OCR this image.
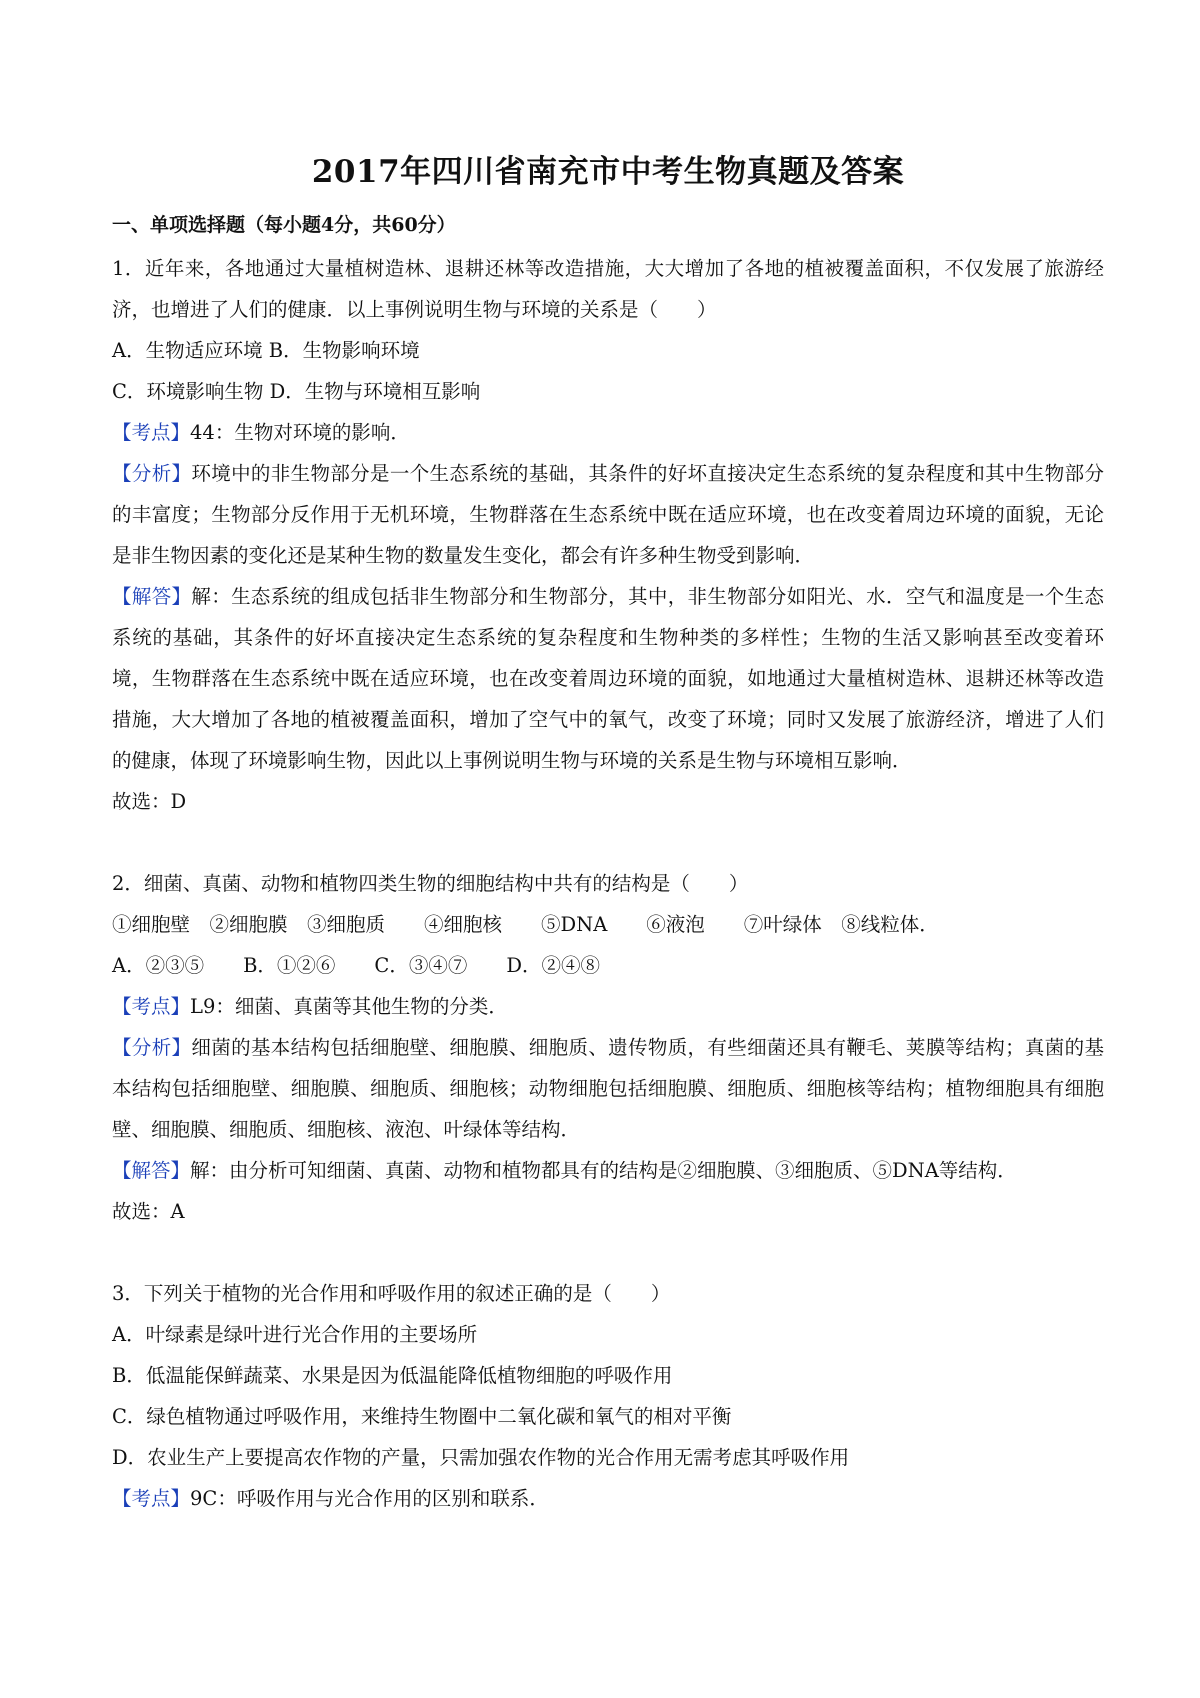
2017年四川省南充市中考生物真题及答案
一、单项选择题（每小题4分，共60分）

1．近年来，各地通过大量植树造林、退耕还林等改造措施，大大增加了各地的植被覆盖面积，不仅发展了旅游经济，也增进了人们的健康．以上事例说明生物与环境的关系是（　　）

A．生物适应环境 B．生物影响环境

C．环境影响生物 D．生物与环境相互影响

【考点】44：生物对环境的影响．

【分析】环境中的非生物部分是一个生态系统的基础，其条件的好坏直接决定生态系统的复杂程度和其中生物部分的丰富度；生物部分反作用于无机环境，生物群落在生态系统中既在适应环境，也在改变着周边环境的面貌，无论是非生物因素的变化还是某种生物的数量发生变化，都会有许多种生物受到影响．

【解答】解：生态系统的组成包括非生物部分和生物部分，其中，非生物部分如阳光、水．空气和温度是一个生态系统的基础，其条件的好坏直接决定生态系统的复杂程度和生物种类的多样性；生物的生活又影响甚至改变着环境，生物群落在生态系统中既在适应环境，也在改变着周边环境的面貌，如地通过大量植树造林、退耕还林等改造措施，大大增加了各地的植被覆盖面积，增加了空气中的氧气，改变了环境；同时又发展了旅游经济，增进了人们的健康，体现了环境影响生物，因此以上事例说明生物与环境的关系是生物与环境相互影响．

故选：D

2．细菌、真菌、动物和植物四类生物的细胞结构中共有的结构是（　　）

①细胞壁　②细胞膜　③细胞质　　④细胞核　　⑤DNA　　⑥液泡　　⑦叶绿体　⑧线粒体．

A．②③⑤　　B．①②⑥　　C．③④⑦　　D．②④⑧

【考点】L9：细菌、真菌等其他生物的分类．

【分析】细菌的基本结构包括细胞壁、细胞膜、细胞质、遗传物质，有些细菌还具有鞭毛、荚膜等结构；真菌的基本结构包括细胞壁、细胞膜、细胞质、细胞核；动物细胞包括细胞膜、细胞质、细胞核等结构；植物细胞具有细胞壁、细胞膜、细胞质、细胞核、液泡、叶绿体等结构．

【解答】解：由分析可知细菌、真菌、动物和植物都具有的结构是②细胞膜、③细胞质、⑤DNA等结构．

故选：A

3．下列关于植物的光合作用和呼吸作用的叙述正确的是（　　）

A．叶绿素是绿叶进行光合作用的主要场所

B．低温能保鲜蔬菜、水果是因为低温能降低植物细胞的呼吸作用

C．绿色植物通过呼吸作用，来维持生物圈中二氧化碳和氧气的相对平衡

D．农业生产上要提高农作物的产量，只需加强农作物的光合作用无需考虑其呼吸作用

【考点】9C：呼吸作用与光合作用的区别和联系．
